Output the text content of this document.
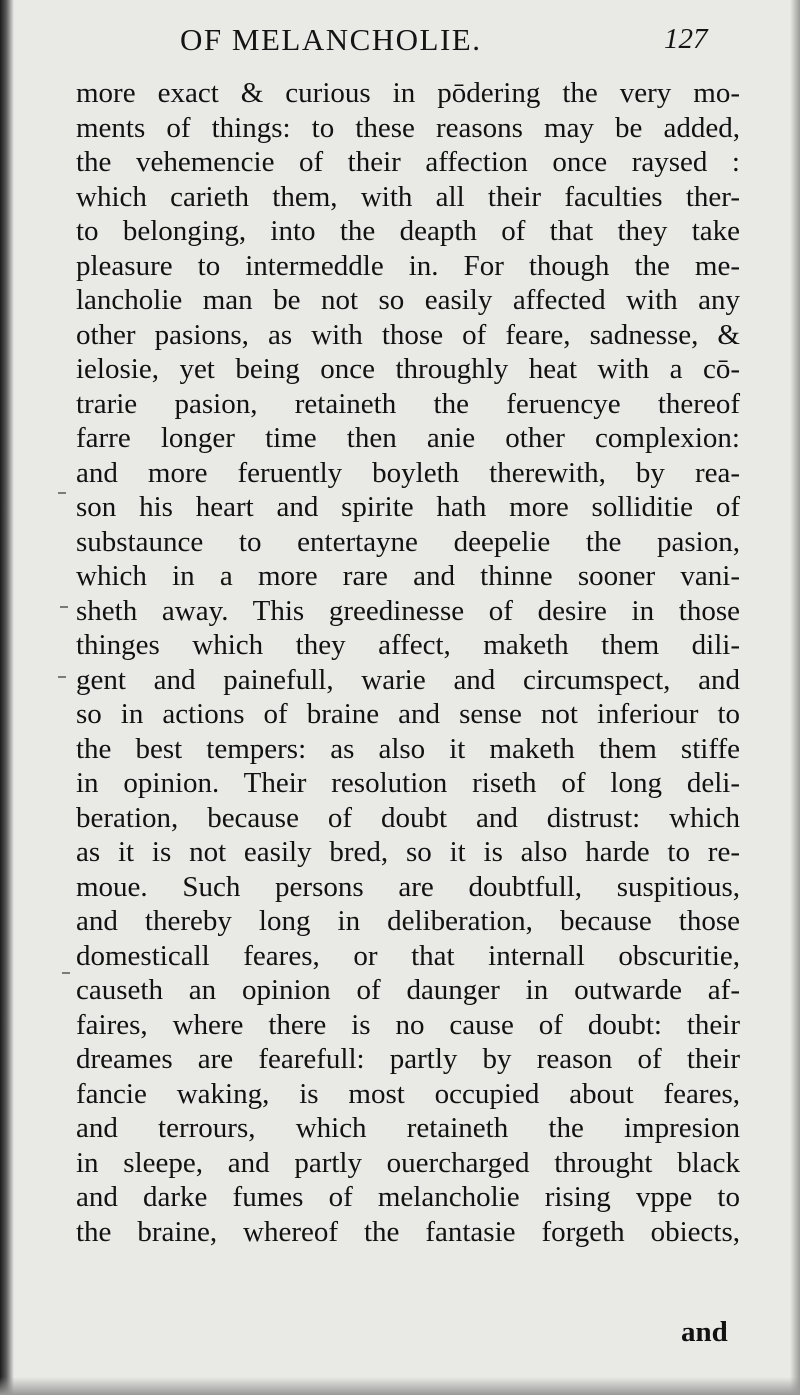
OF MELANCHOLIE.	127
more exact & curious in pōdering the very mo-
ments of things: to these reasons may be added,
the vehemencie of their affection once raysed :
which carieth them, with all their faculties ther-
to belonging, into the deapth of that they take
pleasure to intermeddle in. For though the me-
lancholie man be not so easily affected with any
other pasions, as with those of feare, sadnesse, &
ielosie, yet being once throughly heat with a cō-
trarie pasion, retaineth the feruencye thereof
farre longer time then anie other complexion:
and more feruently boyleth therewith, by rea-
son his heart and spirite hath more solliditie of
substaunce to entertayne deepelie the pasion,
which in a more rare and thinne sooner vani-
sheth away. This greedinesse of desire in those
thinges which they affect, maketh them dili-
gent and painefull, warie and circumspect, and
so in actions of braine and sense not inferiour to
the best tempers: as also it maketh them stiffe
in opinion. Their resolution riseth of long deli-
beration, because of doubt and distrust: which
as it is not easily bred, so it is also harde to re-
moue. Such persons are doubtfull, suspitious,
and thereby long in deliberation, because those
domesticall feares, or that internall obscuritie,
causeth an opinion of daunger in outwarde af-
faires, where there is no cause of doubt: their
dreames are fearefull: partly by reason of their
fancie waking, is most occupied about feares,
and terrours, which retaineth the impresion
in sleepe, and partly ouercharged throught black
and darke fumes of melancholie rising vppe to
the braine, whereof the fantasie forgeth obiects,
and
